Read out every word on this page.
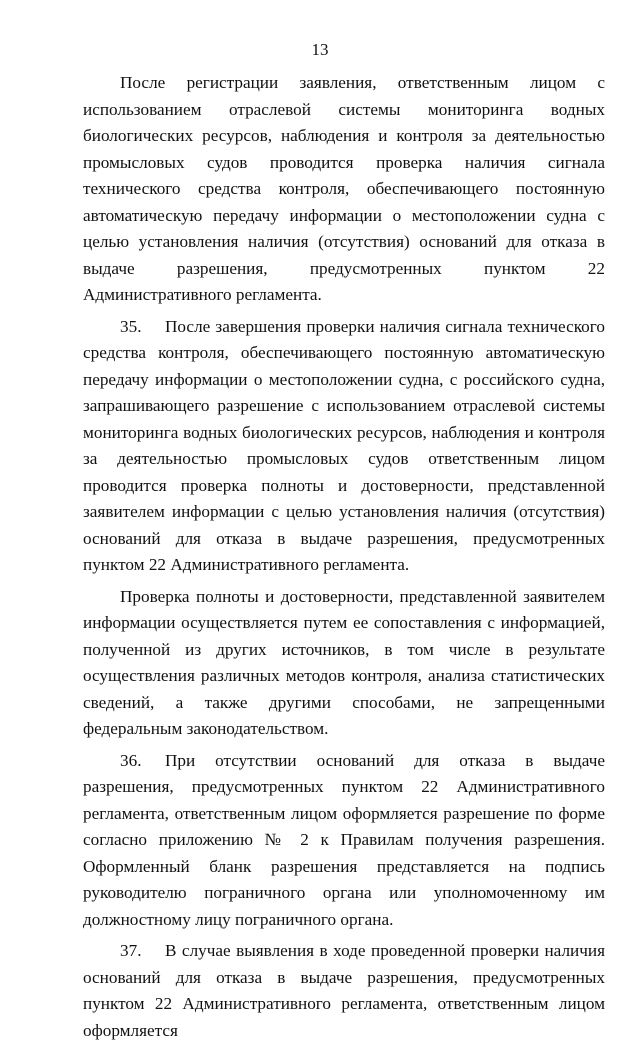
13

После регистрации заявления, ответственным лицом с использованием отраслевой системы мониторинга водных биологических ресурсов, наблюдения и контроля за деятельностью промысловых судов проводится проверка наличия сигнала технического средства контроля, обеспечивающего постоянную автоматическую передачу информации о местоположении судна с целью установления наличия (отсутствия) оснований для отказа в выдаче разрешения, предусмотренных пунктом 22 Административного регламента.

35. После завершения проверки наличия сигнала технического средства контроля, обеспечивающего постоянную автоматическую передачу информации о местоположении судна, с российского судна, запрашивающего разрешение с использованием отраслевой системы мониторинга водных биологических ресурсов, наблюдения и контроля за деятельностью промысловых судов ответственным лицом проводится проверка полноты и достоверности, представленной заявителем информации с целью установления наличия (отсутствия) оснований для отказа в выдаче разрешения, предусмотренных пунктом 22 Административного регламента.

Проверка полноты и достоверности, представленной заявителем информации осуществляется путем ее сопоставления с информацией, полученной из других источников, в том числе в результате осуществления различных методов контроля, анализа статистических сведений, а также другими способами, не запрещенными федеральным законодательством.

36. При отсутствии оснований для отказа в выдаче разрешения, предусмотренных пунктом 22 Административного регламента, ответственным лицом оформляется разрешение по форме согласно приложению № 2 к Правилам получения разрешения. Оформленный бланк разрешения представляется на подпись руководителю пограничного органа или уполномоченному им должностному лицу пограничного органа.

37. В случае выявления в ходе проведенной проверки наличия оснований для отказа в выдаче разрешения, предусмотренных пунктом 22 Административного регламента, ответственным лицом оформляется
